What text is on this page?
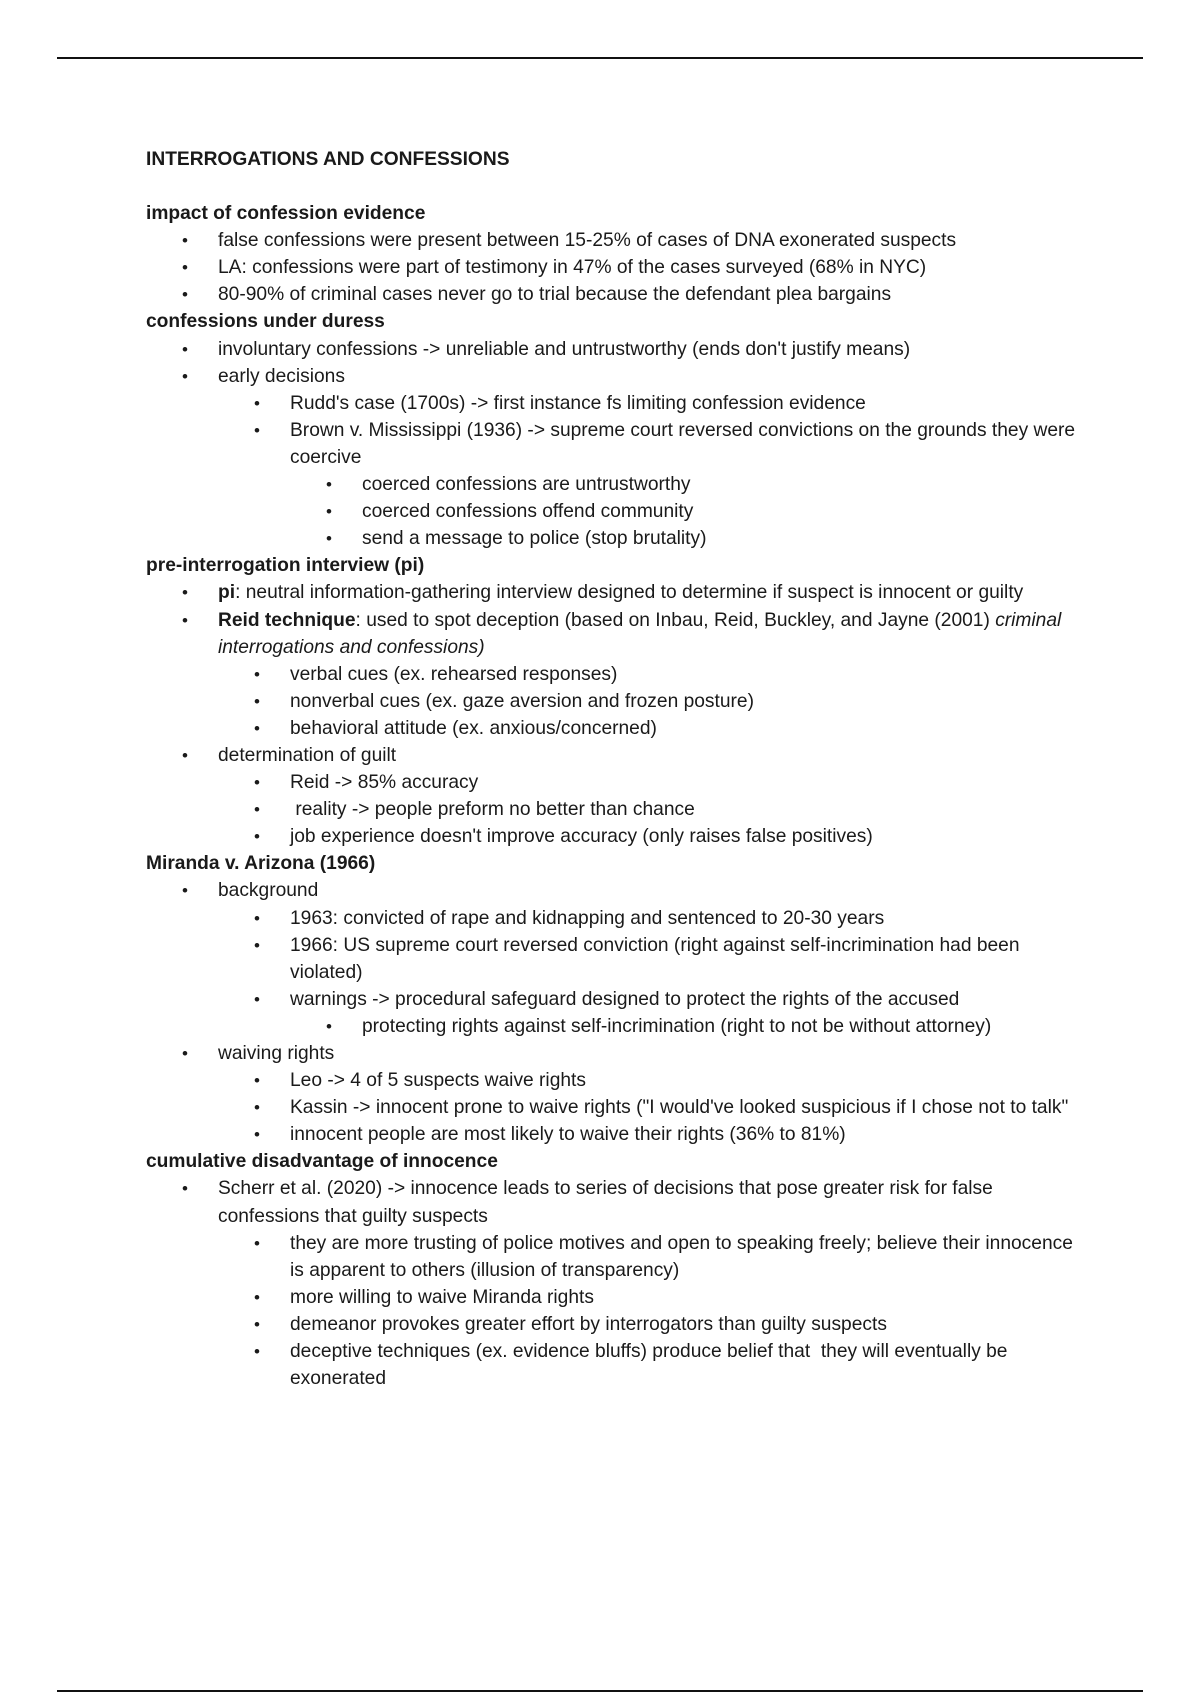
INTERROGATIONS AND CONFESSIONS
impact of confession evidence
• false confessions were present between 15-25% of cases of DNA exonerated suspects
• LA: confessions were part of testimony in 47% of the cases surveyed (68% in NYC)
• 80-90% of criminal cases never go to trial because the defendant plea bargains
confessions under duress
• involuntary confessions -> unreliable and untrustworthy (ends don't justify means)
• early decisions
• Rudd's case (1700s) -> first instance fs limiting confession evidence
• Brown v. Mississippi (1936) -> supreme court reversed convictions on the grounds they were coercive
• coerced confessions are untrustworthy
• coerced confessions offend community
• send a message to police (stop brutality)
pre-interrogation interview (pi)
• pi: neutral information-gathering interview designed to determine if suspect is innocent or guilty
• Reid technique: used to spot deception (based on Inbau, Reid, Buckley, and Jayne (2001) criminal interrogations and confessions)
• verbal cues (ex. rehearsed responses)
• nonverbal cues (ex. gaze aversion and frozen posture)
• behavioral attitude (ex. anxious/concerned)
• determination of guilt
• Reid -> 85% accuracy
•  reality -> people preform no better than chance
• job experience doesn't improve accuracy (only raises false positives)
Miranda v. Arizona (1966)
• background
• 1963: convicted of rape and kidnapping and sentenced to 20-30 years
• 1966: US supreme court reversed conviction (right against self-incrimination had been violated)
• warnings -> procedural safeguard designed to protect the rights of the accused
• protecting rights against self-incrimination (right to not be without attorney)
• waiving rights
• Leo -> 4 of 5 suspects waive rights
• Kassin -> innocent prone to waive rights ("I would've looked suspicious if I chose not to talk"
• innocent people are most likely to waive their rights (36% to 81%)
cumulative disadvantage of innocence
• Scherr et al. (2020) -> innocence leads to series of decisions that pose greater risk for false confessions that guilty suspects
• they are more trusting of police motives and open to speaking freely; believe their innocence is apparent to others (illusion of transparency)
• more willing to waive Miranda rights
• demeanor provokes greater effort by interrogators than guilty suspects
• deceptive techniques (ex. evidence bluffs) produce belief that  they will eventually be exonerated
